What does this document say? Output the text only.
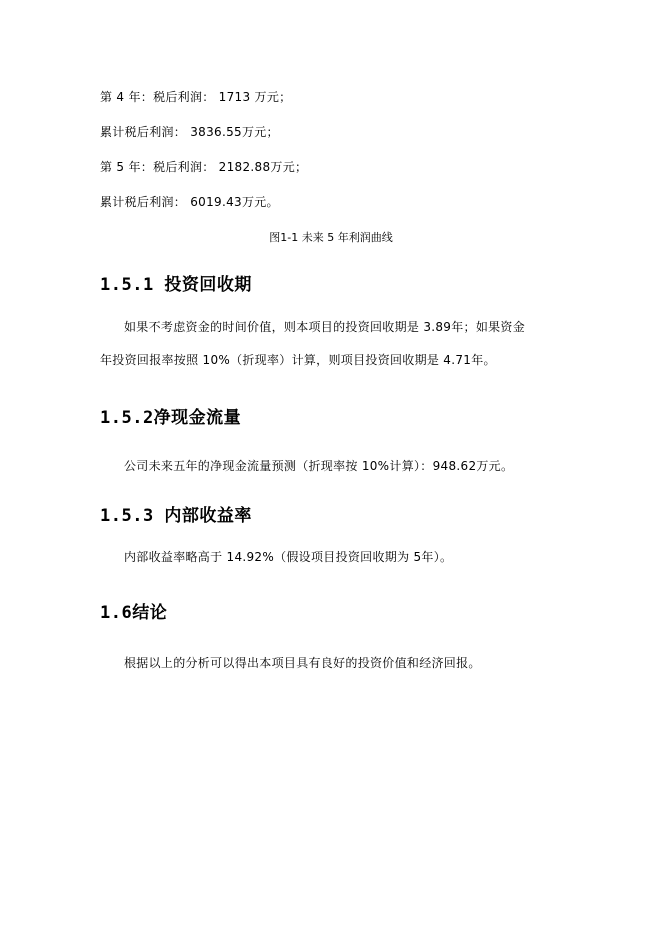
第 4 年：税后利润： 1713 万元；
累计税后利润： 3836.55万元；
第 5 年：税后利润： 2182.88万元；
累计税后利润： 6019.43万元。
图1-1 未来 5 年利润曲线
1.5.1 投资回收期
如果不考虑资金的时间价值，则本项目的投资回收期是 3.89年；如果资金
年投资回报率按照 10%（折现率）计算，则项目投资回收期是 4.71年。
1.5.2净现金流量
公司未来五年的净现金流量预测（折现率按 10%计算）：948.62万元。
1.5.3 内部收益率
内部收益率略高于 14.92%（假设项目投资回收期为 5年）。
1.6结论
根据以上的分析可以得出本项目具有良好的投资价值和经济回报。
